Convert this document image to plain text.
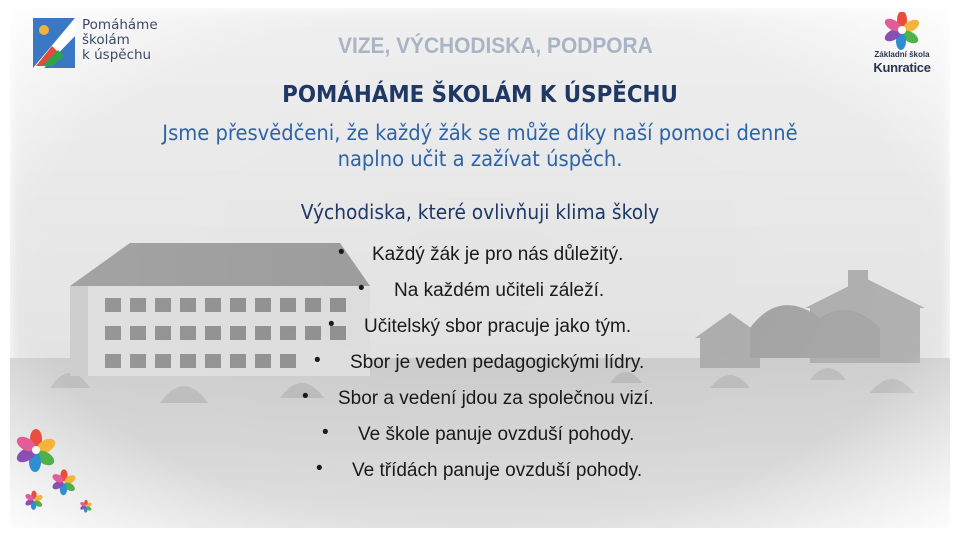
Pomáháme
školám
k úspěchu	Základní škola
Kunratice
VIZE, VÝCHODISKA, PODPORA
POMÁHÁME ŠKOLÁM K ÚSPĚCHU
Jsme přesvědčeni, že každý žák se může díky naší pomoci denně
naplno učit a zažívat úspěch.
Východiska, které ovlivňuji klima školy
• Každý žák je pro nás důležitý.
• Na každém učiteli záleží.
• Učitelský sbor pracuje jako tým.
• Sbor je veden pedagogickými lídry.
• Sbor a vedení jdou za společnou vizí.
• Ve škole panuje ovzduší pohody.
• Ve třídách panuje ovzduší pohody.
